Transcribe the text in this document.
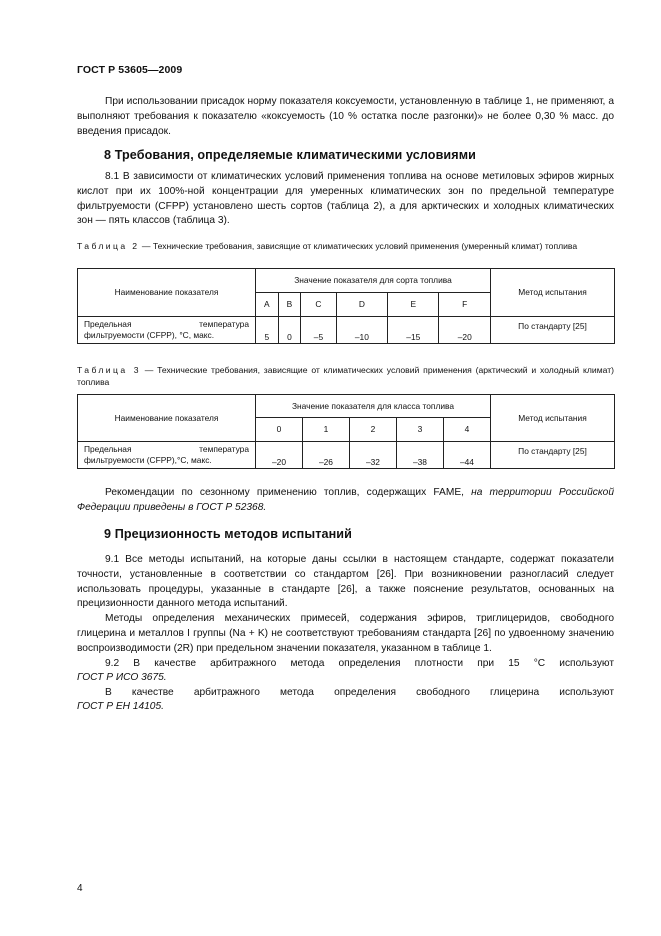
ГОСТ Р 53605—2009
При использовании присадок норму показателя коксуемости, установленную в таблице 1, не применяют, а выполняют требования к показателю «коксуемость (10 % остатка после разгонки)» не более 0,30 % масс. до введения присадок.
8 Требования, определяемые климатическими условиями
8.1 В зависимости от климатических условий применения топлива на основе метиловых эфиров жирных кислот при их 100%-ной концентрации для умеренных климатических зон по предельной температуре фильтруемости (CFPP) установлено шесть сортов (таблица 2), а для арктических и холодных климатических зон — пять классов (таблица 3).
Таблица 2 — Технические требования, зависящие от климатических условий применения (умеренный климат) топлива
Наименование показателя	Значение показателя для сорта топлива						Метод испытания
	A	B	C	D	E	F	

Предельная температура
фильтруемости (CFPP), °С, макс.	5	0	–5	–10	–15	–20	По стандарту [25]
Таблица 3 — Технические требования, зависящие от климатических условий применения (арктический и холодный климат) топлива
Наименование показателя	Значение показателя для класса топлива					Метод испытания
	0	1	2	3	4	

Предельная температура
фильтруемости (CFPP),°С, макс.	–20	–26	–32	–38	–44	По стандарту [25]
Рекомендации по сезонному применению топлив, содержащих FAME, на территории Российской Федерации приведены в ГОСТ Р 52368.
9 Прецизионность методов испытаний
9.1 Все методы испытаний, на которые даны ссылки в настоящем стандарте, содержат показатели точности, установленные в соответствии со стандартом [26]. При возникновении разногласий следует использовать процедуры, указанные в стандарте [26], а также пояснение результатов, основанных на прецизионности данного метода испытаний.
Методы определения механических примесей, содержания эфиров, триглицеридов, свободного глицерина и металлов I группы (Na + K) не соответствуют требованиям стандарта [26] по удвоенному значению воспроизводимости (2R) при предельном значении показателя, указанном в таблице 1.
9.2 В качестве арбитражного метода определения плотности при 15 °С используют
ГОСТ Р ИСО 3675.
В качестве арбитражного метода определения свободного глицерина используют
ГОСТ Р ЕН 14105.
4
